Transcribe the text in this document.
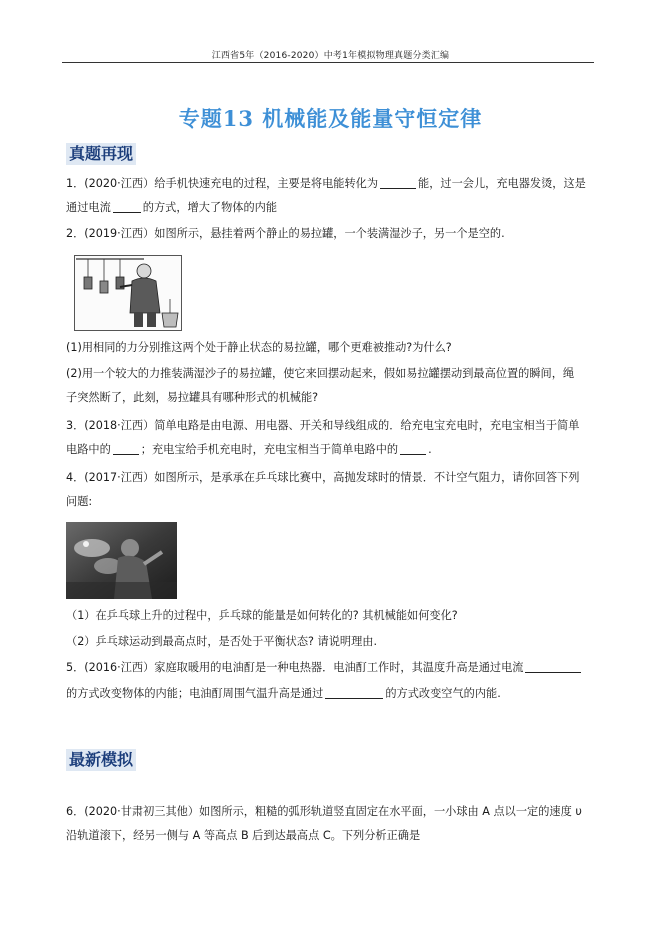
江西省5年（2016-2020）中考1年模拟物理真题分类汇编
专题13 机械能及能量守恒定律
真题再现
1．(2020·江西）给手机快速充电的过程，主要是将电能转化为	能，过一会儿，充电器发烫，这是
通过电流	的方式，增大了物体的内能
2．(2019·江西）如图所示，悬挂着两个静止的易拉罐，一个装满湿沙子，另一个是空的.
(1)用相同的力分别推这两个处于静止状态的易拉罐，哪个更难被推动?为什么?
(2)用一个较大的力推装满湿沙子的易拉罐，使它来回摆动起来，假如易拉罐摆动到最高位置的瞬间，绳
子突然断了，此刻，易拉罐具有哪种形式的机械能?
3．(2018·江西）简单电路是由电源、用电器、开关和导线组成的．给充电宝充电时，充电宝相当于简单
电路中的	；充电宝给手机充电时，充电宝相当于简单电路中的	.
4．(2017·江西）如图所示，是承承在乒乓球比赛中，高抛发球时的情景．不计空气阻力，请你回答下列
问题:
（1）在乒乓球上升的过程中，乒乓球的能量是如何转化的? 其机械能如何变化?
（2）乒乓球运动到最高点时，是否处于平衡状态? 请说明理由.
5．(2016·江西）家庭取暖用的电油酊是一种电热器．电油酊工作时，其温度升高是通过电流
的方式改变物体的内能；电油酊周围气温升高是通过	的方式改变空气的内能.
最新模拟
6．(2020·甘肃初三其他）如图所示，粗糙的弧形轨道竖直固定在水平面，一小球由 A 点以一定的速度 υ
沿轨道滚下，经另一侧与 A 等高点 B 后到达最高点 C。下列分析正确是
